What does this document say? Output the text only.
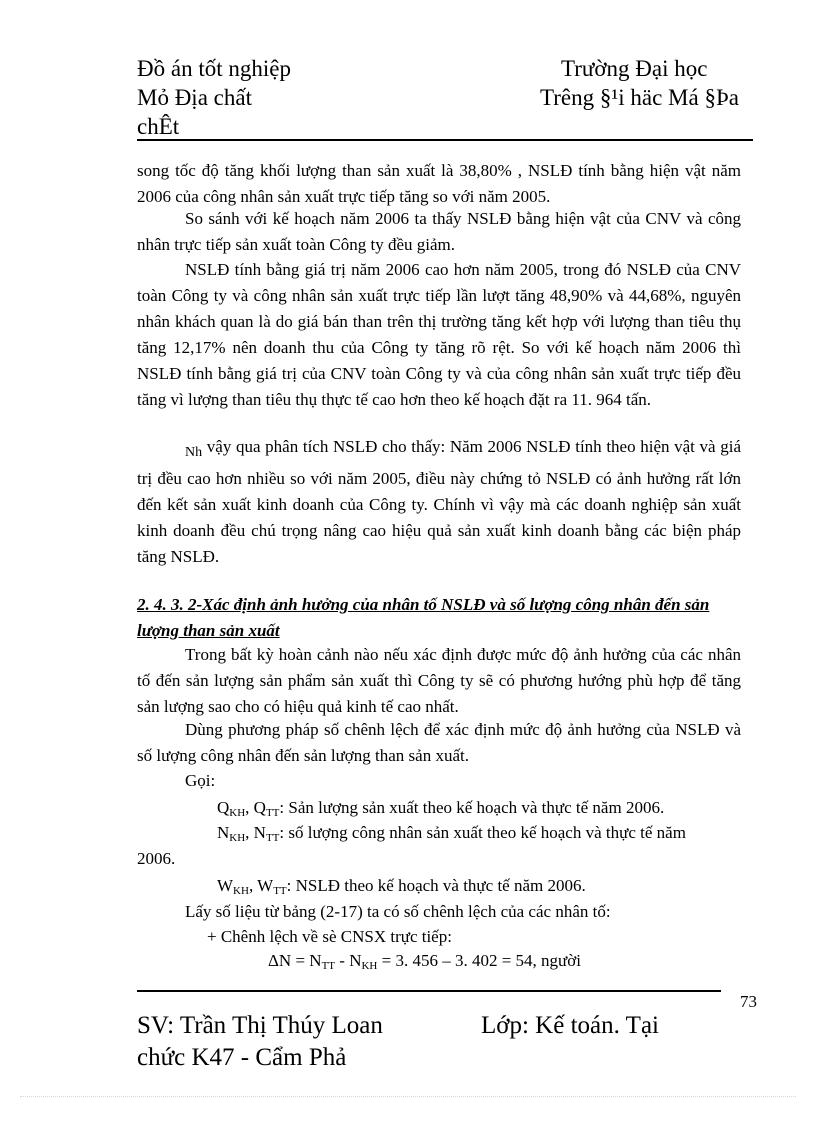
Đồ án tốt nghiệp
Mỏ Địa chất
chÊt
Trường Đại học
Trêng §¹i häc Má §Þa
song tốc độ tăng khối lượng than sản xuất là 38,80% , NSLĐ tính bằng hiện vật năm 2006 của công nhân sản xuất trực tiếp tăng so với năm 2005.
So sánh với kế hoạch năm 2006 ta thấy NSLĐ bằng hiện vật của CNV và công nhân trực tiếp sản xuất toàn Công ty đều giảm.
NSLĐ tính bằng giá trị năm 2006 cao hơn năm 2005, trong đó NSLĐ của CNV toàn Công ty và công nhân sản xuất trực tiếp lần lượt tăng 48,90% và 44,68%, nguyên nhân khách quan là do giá bán than trên thị trường tăng kết hợp với lượng than tiêu thụ tăng 12,17% nên doanh thu của Công ty tăng rõ rệt. So với kế hoạch năm 2006 thì NSLĐ tính bằng giá trị của CNV toàn Công ty và của công nhân sản xuất trực tiếp đều tăng vì lượng than tiêu thụ thực tế cao hơn theo kế hoạch đặt ra 11. 964 tấn.
$_{Nh}$ vậy qua phân tích NSLĐ cho thấy: Năm 2006 NSLĐ tính theo hiện vật và giá trị đều cao hơn nhiều so với năm 2005, điều này chứng tỏ NSLĐ có ảnh hưởng rất lớn đến kết sản xuất kinh doanh của Công ty. Chính vì vậy mà các doanh nghiệp sản xuất kinh doanh đều chú trọng nâng cao hiệu quả sản xuất kinh doanh bằng các biện pháp tăng NSLĐ.
2. 4. 3. 2-Xác định ảnh hưởng của nhân tố NSLĐ và số lượng công nhân đến sản lượng than sản xuất
Trong bất kỳ hoàn cảnh nào nếu xác định được mức độ ảnh hưởng của các nhân tố đến sản lượng sản phẩm sản xuất thì Công ty sẽ có phương hướng phù hợp để tăng sản lượng sao cho có hiệu quả kinh tế cao nhất.
Dùng phương pháp số chênh lệch để xác định mức độ ảnh hưởng của NSLĐ và số lượng công nhân đến sản lượng than sản xuất.
Gọi:
$Q_{KH}$, $Q_{TT}$: Sản lượng sản xuất theo kế hoạch và thực tế năm 2006.
$N_{KH}$, $N_{TT}$: số lượng công nhân sản xuất theo kế hoạch và thực tế năm
2006.
$W_{KH}$, $W_{TT}$: NSLĐ theo kế hoạch và thực tế năm 2006.
Lấy số liệu từ bảng (2-17) ta có số chênh lệch của các nhân tố:
+ Chênh lệch về sè CNSX trực tiếp:
$\Delta N = N_{TT} - N_{KH} = 3$. 456 – 3. 402 = 54, người
73
SV: Trần Thị Thúy Loan
chức K47 - Cẩm Phả
Lớp: Kế toán. Tại
